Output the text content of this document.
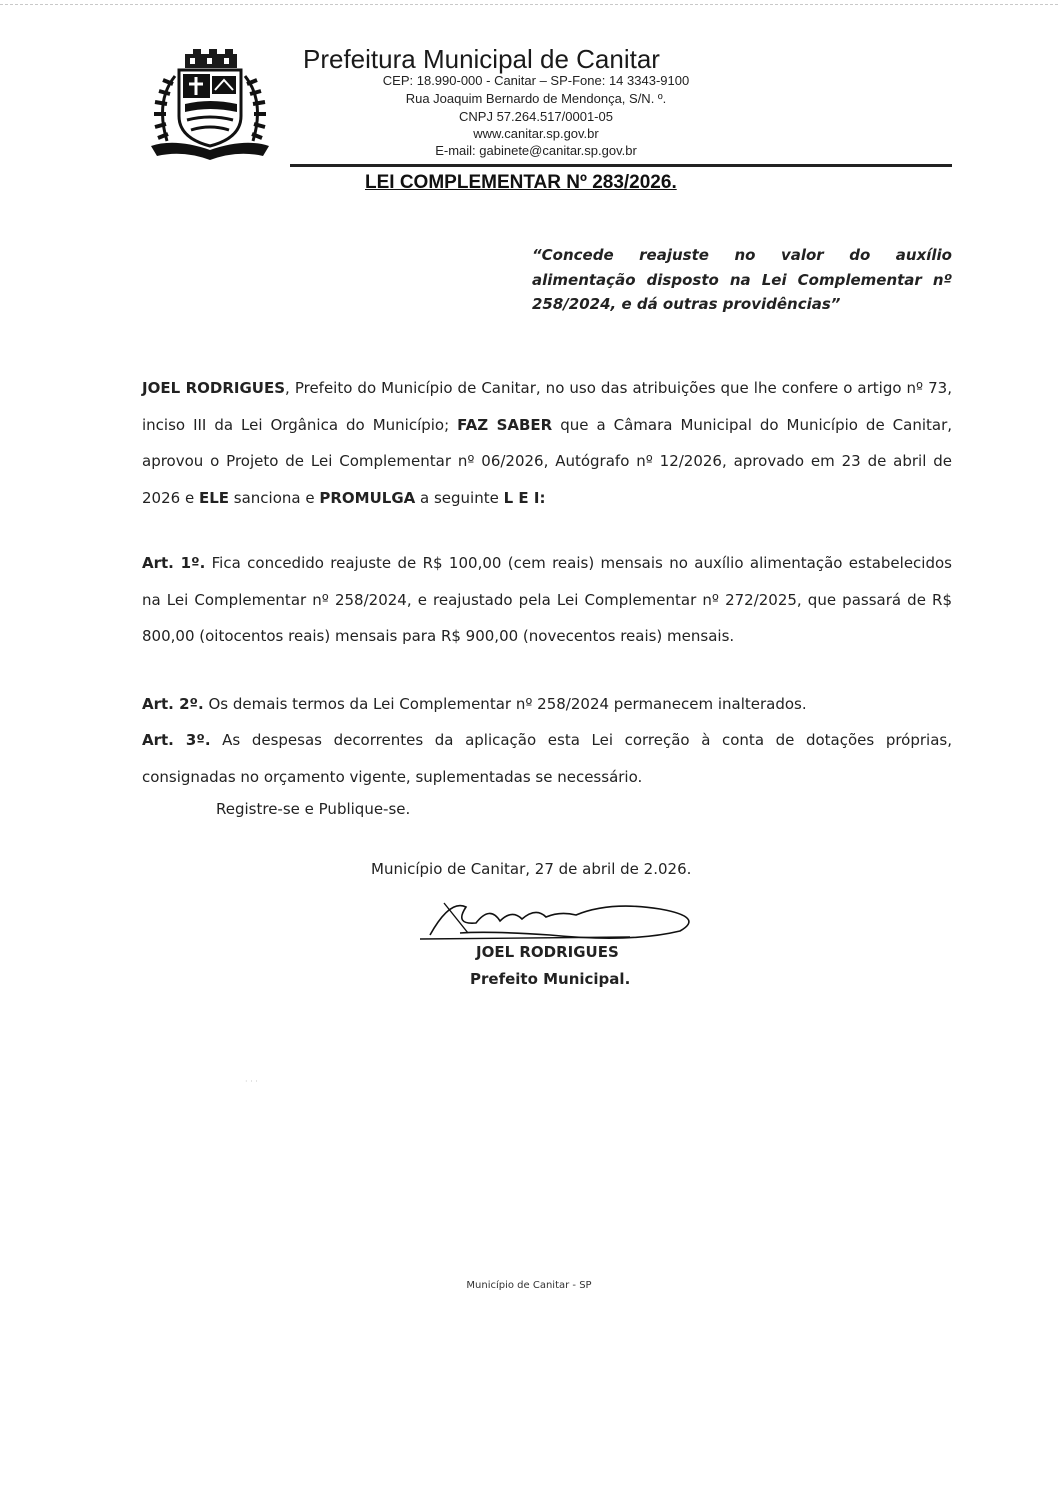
Prefeitura Municipal de Canitar
CEP: 18.990-000 - Canitar – SP-Fone: 14 3343-9100
Rua Joaquim Bernardo de Mendonça, S/N. º.
CNPJ 57.264.517/0001-05
www.canitar.sp.gov.br
E-mail: gabinete@canitar.sp.gov.br
LEI COMPLEMENTAR Nº 283/2026.
“Concede reajuste no valor do auxílio alimentação disposto na Lei Complementar nº 258/2024, e dá outras providências”
JOEL RODRIGUES, Prefeito do Município de Canitar, no uso das atribuições que lhe confere o artigo nº 73, inciso III da Lei Orgânica do Município; FAZ SABER que a Câmara Municipal do Município de Canitar, aprovou o Projeto de Lei Complementar nº 06/2026, Autógrafo nº 12/2026, aprovado em 23 de abril de 2026 e ELE sanciona e PROMULGA a seguinte L E I:
Art. 1º. Fica concedido reajuste de R$ 100,00 (cem reais) mensais no auxílio alimentação estabelecidos na Lei Complementar nº 258/2024, e reajustado pela Lei Complementar nº 272/2025, que passará de R$ 800,00 (oitocentos reais) mensais para R$ 900,00 (novecentos reais) mensais.
Art. 2º. Os demais termos da Lei Complementar nº 258/2024 permanecem inalterados.
Art. 3º. As despesas decorrentes da aplicação esta Lei correção à conta de dotações próprias, consignadas no orçamento vigente, suplementadas se necessário.
Registre-se e Publique-se.
Município de Canitar, 27 de abril de 2.026.
JOEL RODRIGUES
Prefeito Municipal.
· · ·
Município de Canitar - SP
